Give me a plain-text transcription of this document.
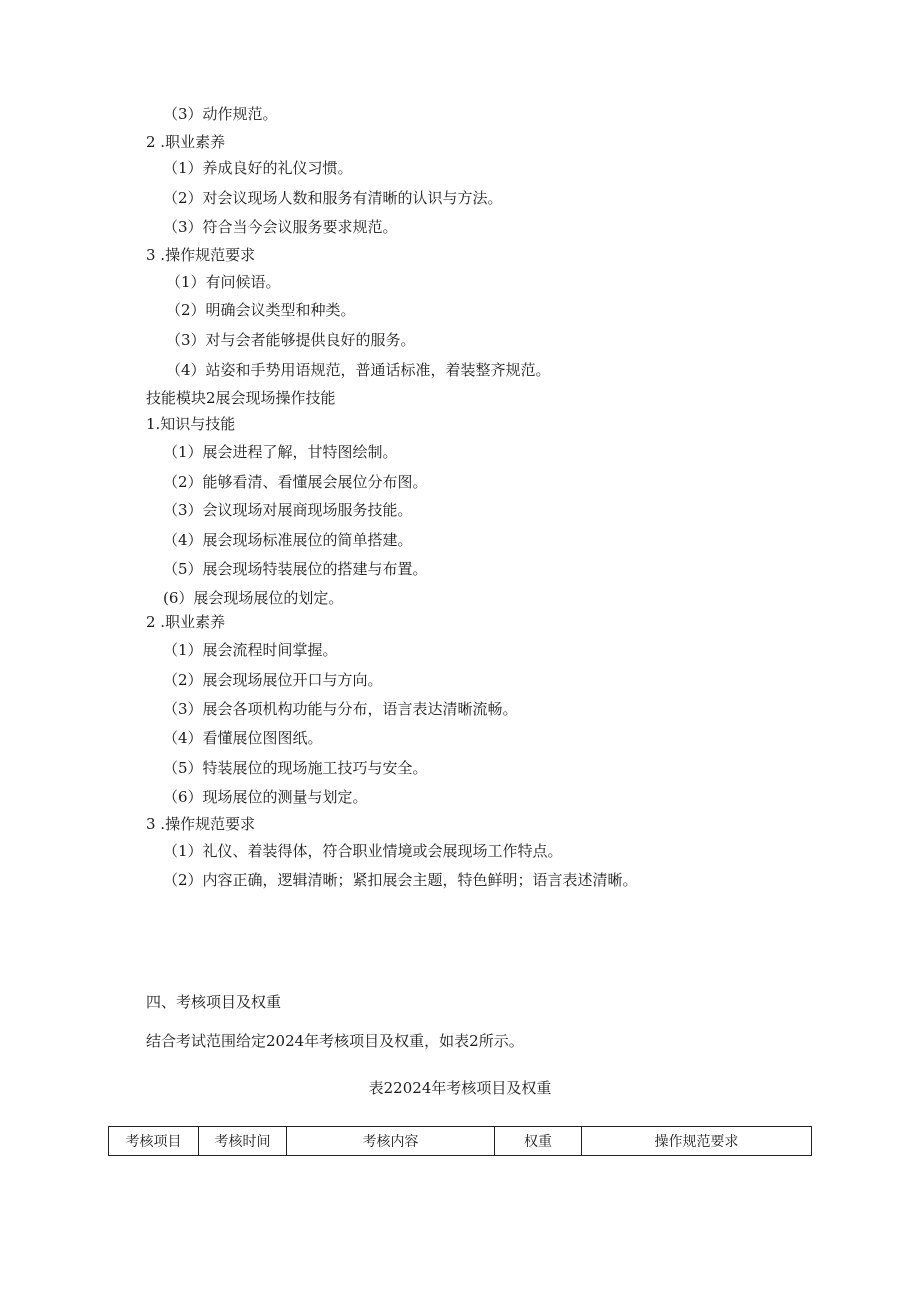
（3）动作规范。
2 .职业素养
（1）养成良好的礼仪习惯。
（2）对会议现场人数和服务有清晰的认识与方法。
（3）符合当今会议服务要求规范。
3 .操作规范要求
（1）有问候语。
（2）明确会议类型和种类。
（3）对与会者能够提供良好的服务。
（4）站姿和手势用语规范，普通话标准，着装整齐规范。
技能模块2展会现场操作技能
1.知识与技能
（1）展会进程了解，甘特图绘制。
（2）能够看清、看懂展会展位分布图。
（3）会议现场对展商现场服务技能。
（4）展会现场标准展位的简单搭建。
（5）展会现场特装展位的搭建与布置。
(6）展会现场展位的划定。
2 .职业素养
（1）展会流程时间掌握。
（2）展会现场展位开口与方向。
（3）展会各项机构功能与分布，语言表达清晰流畅。
（4）看懂展位图图纸。
（5）特装展位的现场施工技巧与安全。
（6）现场展位的测量与划定。
3 .操作规范要求
（1）礼仪、着装得体，符合职业情境或会展现场工作特点。
（2）内容正确，逻辑清晰；紧扣展会主题，特色鲜明；语言表述清晰。
四、考核项目及权重
结合考试范围给定2024年考核项目及权重，如表2所示。
表22024年考核项目及权重
考核项目	考核时间	考核内容	权重	操作规范要求
